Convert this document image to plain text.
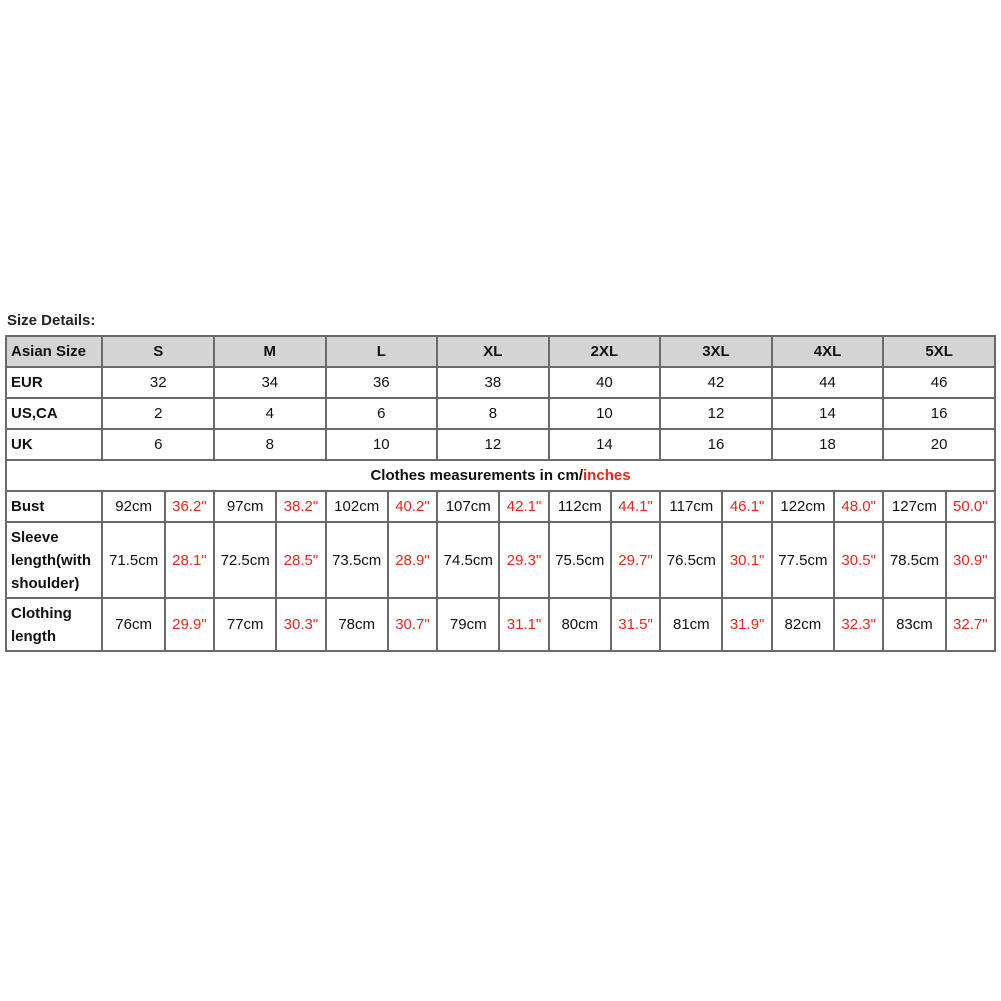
Size Details:
Asian Size	S		M		L		XL		2XL		3XL		4XL		5XL	
EUR	32		34		36		38		40		42		44		46	
US,CA	2		4		6		8		10		12		14		16	
UK	6		8		10		12		14		16		18		20	
Clothes measurements in cm/inches																
Bust	92cm	36.2"	97cm	38.2"	102cm	40.2"	107cm	42.1"	112cm	44.1"	117cm	46.1"	122cm	48.0"	127cm	50.0"
Sleeve length(with shoulder)	71.5cm	28.1"	72.5cm	28.5"	73.5cm	28.9"	74.5cm	29.3"	75.5cm	29.7"	76.5cm	30.1"	77.5cm	30.5"	78.5cm	30.9"
Clothing length	76cm	29.9"	77cm	30.3"	78cm	30.7"	79cm	31.1"	80cm	31.5"	81cm	31.9"	82cm	32.3"	83cm	32.7"
